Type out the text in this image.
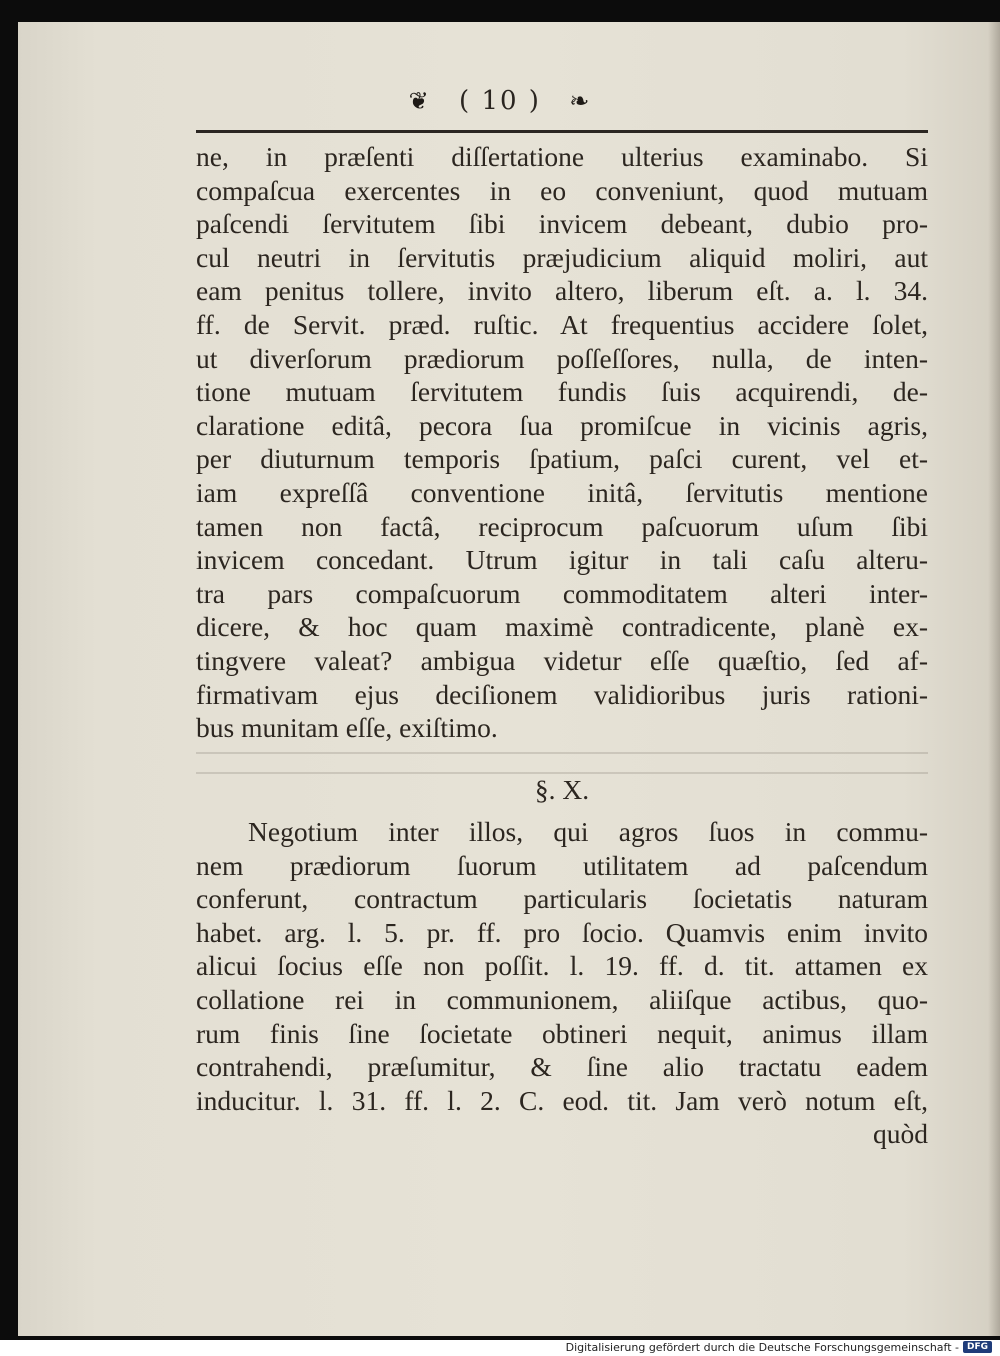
❦ ( 10 ) ❧
ne, in præſenti diſſertatione ulterius examinabo. Si
compaſcua exercentes in eo conveniunt, quod mutuam
paſcendi ſervitutem ſibi invicem debeant, dubio pro-
cul neutri in ſervitutis præjudicium aliquid moliri, aut
eam penitus tollere, invito altero, liberum eſt. a. l. 34.
ff. de Servit. præd. ruſtic. At frequentius accidere ſolet,
ut diverſorum prædiorum poſſeſſores, nulla, de inten-
tione mutuam ſervitutem fundis ſuis acquirendi, de-
claratione editâ, pecora ſua promiſcue in vicinis agris,
per diuturnum temporis ſpatium, paſci curent, vel et-
iam expreſſâ conventione initâ, ſervitutis mentione
tamen non factâ, reciprocum paſcuorum uſum ſibi
invicem concedant. Utrum igitur in tali caſu alteru-
tra pars compaſcuorum commoditatem alteri inter-
dicere, & hoc quam maximè contradicente, planè ex-
tingvere valeat? ambigua videtur eſſe quæſtio, ſed af-
firmativam ejus deciſionem validioribus juris rationi-
bus munitam eſſe, exiſtimo.
§. X.
Negotium inter illos, qui agros ſuos in commu-
nem prædiorum ſuorum utilitatem ad paſcendum
conferunt, contractum particularis ſocietatis naturam
habet. arg. l. 5. pr. ff. pro ſocio. Quamvis enim invito
alicui ſocius eſſe non poſſit. l. 19. ff. d. tit. attamen ex
collatione rei in communionem, aliiſque actibus, quo-
rum finis ſine ſocietate obtineri nequit, animus illam
contrahendi, præſumitur, & ſine alio tractatu eadem
inducitur. l. 31. ff. l. 2. C. eod. tit. Jam verò notum eſt,
quòd
Digitalisierung gefördert durch die Deutsche Forschungsgemeinschaft - DFG
